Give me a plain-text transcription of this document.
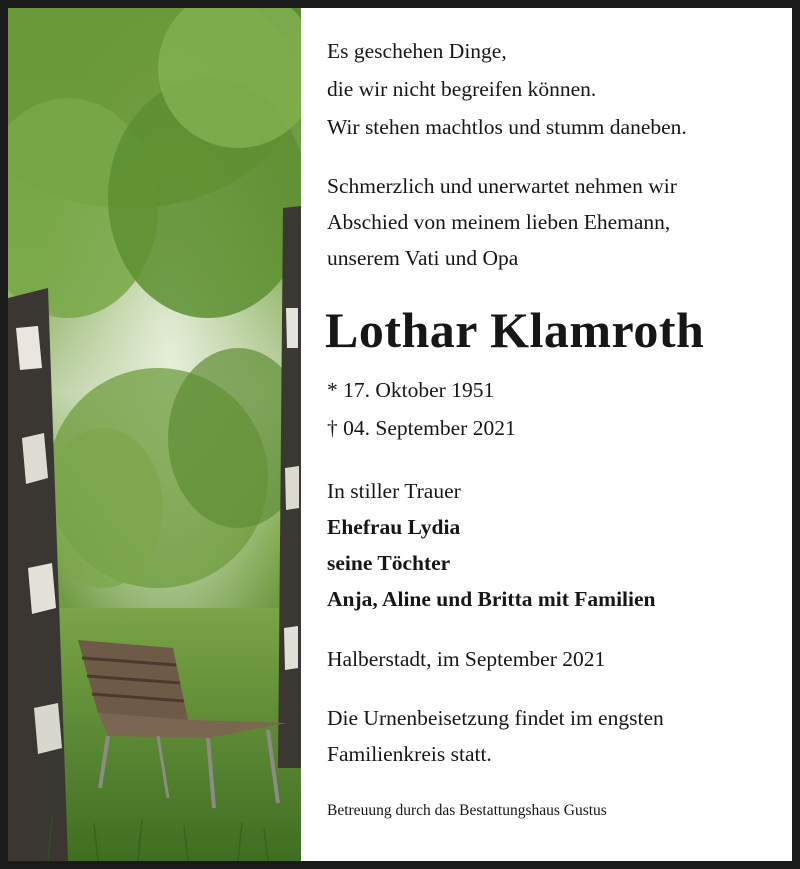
Es geschehen Dinge,

die wir nicht begreifen können.

Wir stehen machtlos und stumm daneben.

Schmerzlich und unerwartet nehmen wir

Abschied von meinem lieben Ehemann,

unserem Vati und Opa

Lothar Klamroth

* 17. Oktober 1951

† 04. September 2021

In stiller Trauer

Ehefrau Lydia

seine Töchter

Anja, Aline und Britta mit Familien

Halberstadt, im September 2021

Die Urnenbeisetzung findet im engsten

Familienkreis statt.

Betreuung durch das Bestattungshaus Gustus
